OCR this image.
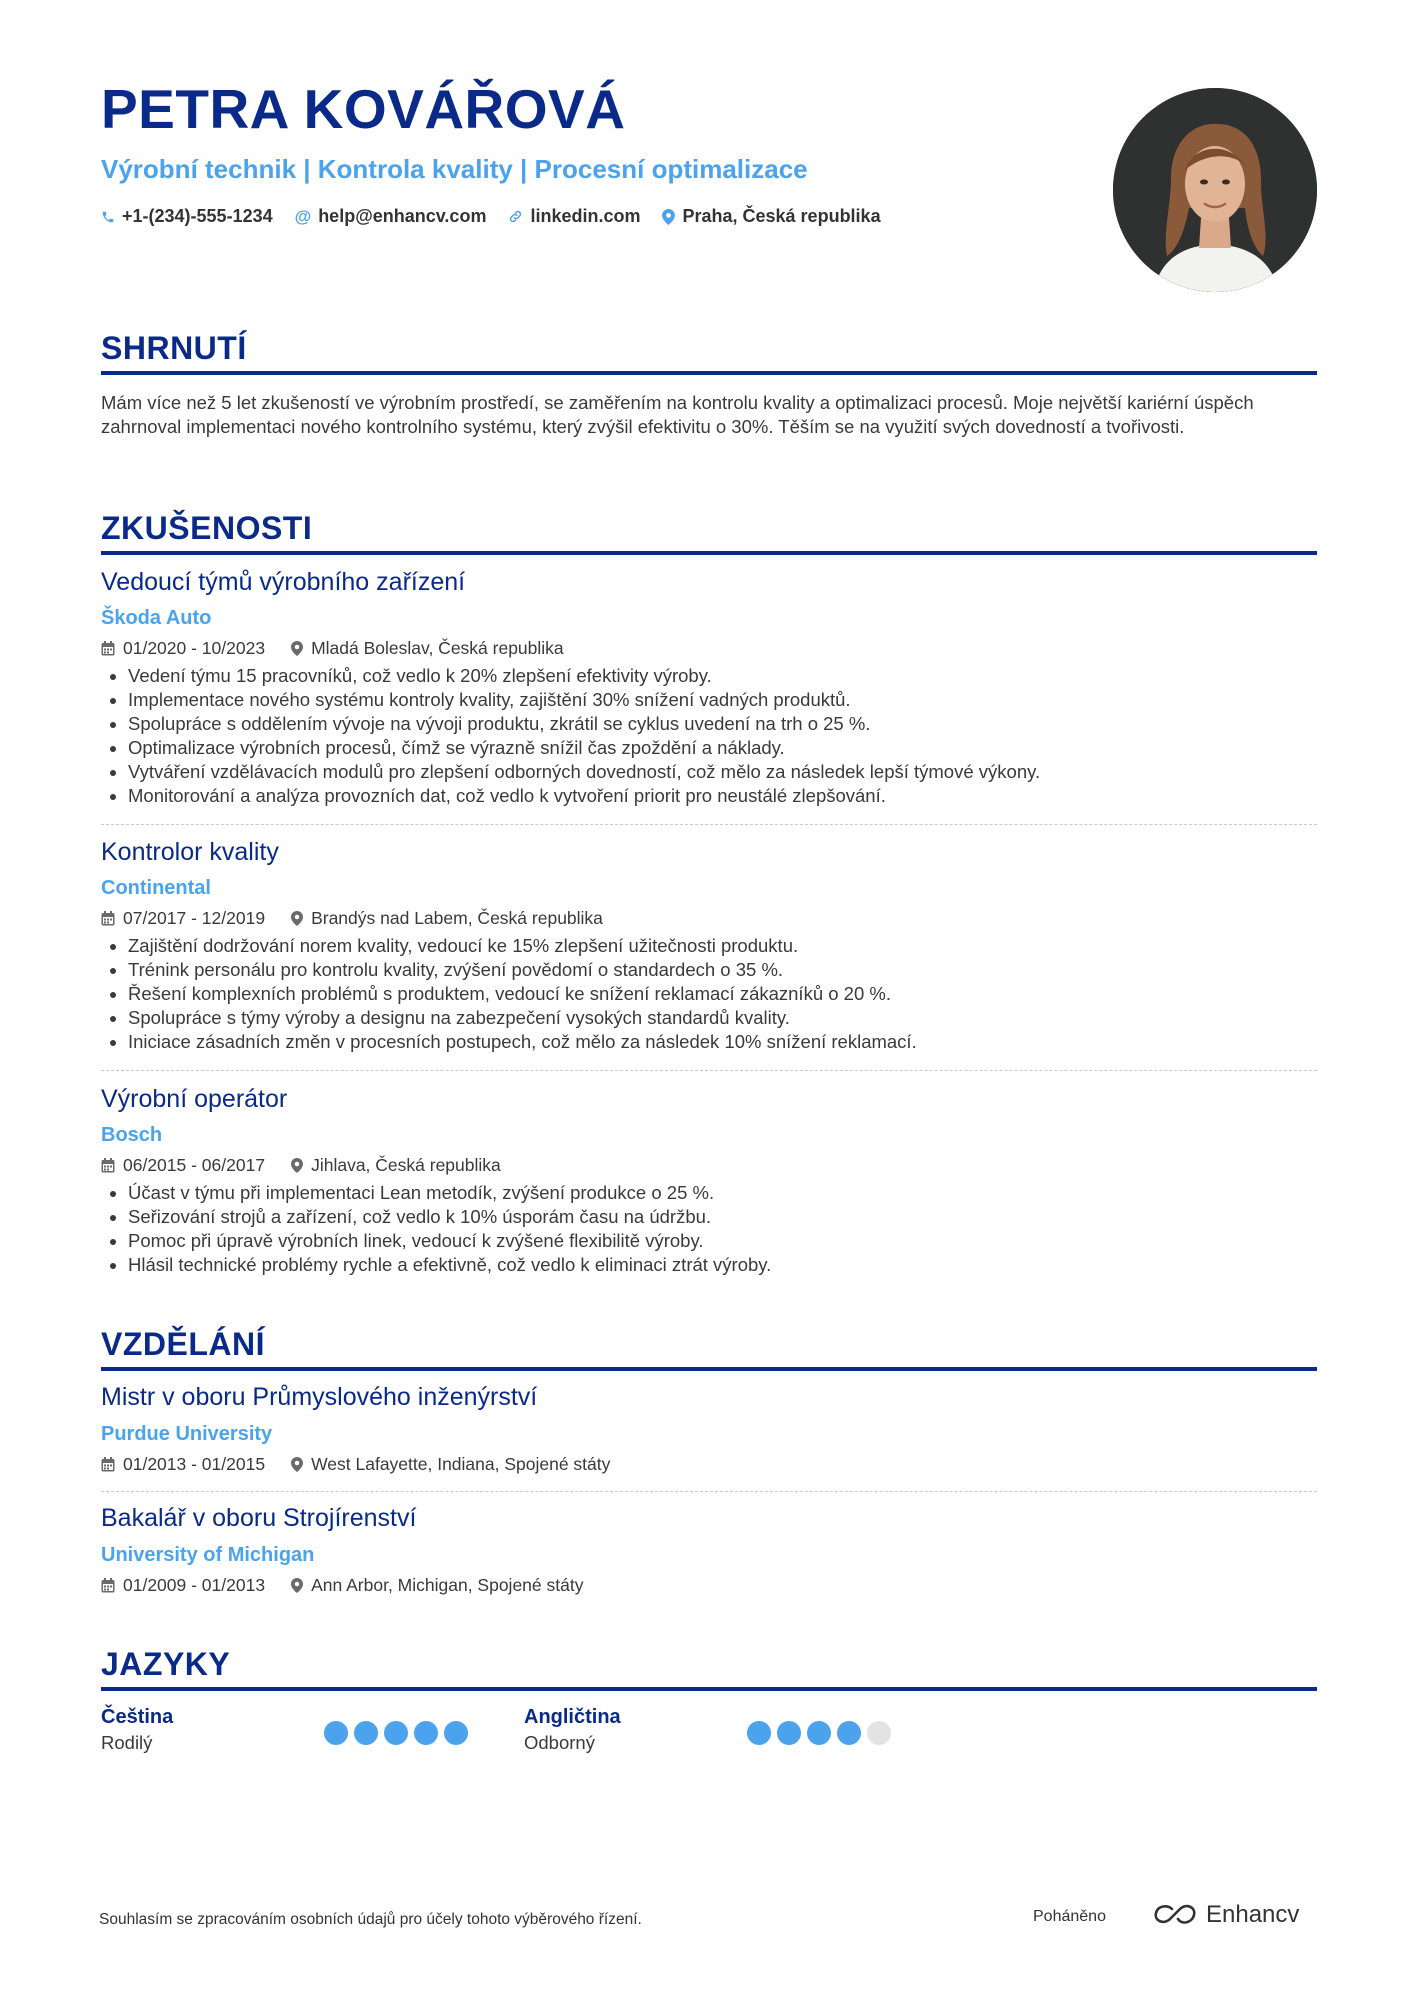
PETRA KOVÁŘOVÁ
Výrobní technik | Kontrola kvality | Procesní optimalizace
+1-(234)-555-1234 @ help@enhancv.com linkedin.com Praha, Česká republika
SHRNUTÍ
Mám více než 5 let zkušeností ve výrobním prostředí, se zaměřením na kontrolu kvality a optimalizaci procesů. Moje největší kariérní úspěch zahrnoval implementaci nového kontrolního systému, který zvýšil efektivitu o 30%. Těším se na využití svých dovedností a tvořivosti.
ZKUŠENOSTI
Vedoucí týmů výrobního zařízení
Škoda Auto
01/2020 - 10/2023	Mladá Boleslav, Česká republika
• Vedení týmu 15 pracovníků, což vedlo k 20% zlepšení efektivity výroby.
• Implementace nového systému kontroly kvality, zajištění 30% snížení vadných produktů.
• Spolupráce s oddělením vývoje na vývoji produktu, zkrátil se cyklus uvedení na trh o 25 %.
• Optimalizace výrobních procesů, čímž se výrazně snížil čas zpoždění a náklady.
• Vytváření vzdělávacích modulů pro zlepšení odborných dovedností, což mělo za následek lepší týmové výkony.
• Monitorování a analýza provozních dat, což vedlo k vytvoření priorit pro neustálé zlepšování.
Kontrolor kvality
Continental
07/2017 - 12/2019	Brandýs nad Labem, Česká republika
• Zajištění dodržování norem kvality, vedoucí ke 15% zlepšení užitečnosti produktu.
• Trénink personálu pro kontrolu kvality, zvýšení povědomí o standardech o 35 %.
• Řešení komplexních problémů s produktem, vedoucí ke snížení reklamací zákazníků o 20 %.
• Spolupráce s týmy výroby a designu na zabezpečení vysokých standardů kvality.
• Iniciace zásadních změn v procesních postupech, což mělo za následek 10% snížení reklamací.
Výrobní operátor
Bosch
06/2015 - 06/2017	Jihlava, Česká republika
• Účast v týmu při implementaci Lean metodík, zvýšení produkce o 25 %.
• Seřizování strojů a zařízení, což vedlo k 10% úsporám času na údržbu.
• Pomoc při úpravě výrobních linek, vedoucí k zvýšené flexibilitě výroby.
• Hlásil technické problémy rychle a efektivně, což vedlo k eliminaci ztrát výroby.
VZDĚLÁNÍ
Mistr v oboru Průmyslového inženýrství
Purdue University
01/2013 - 01/2015	West Lafayette, Indiana, Spojené státy
Bakalář v oboru Strojírenství
University of Michigan
01/2009 - 01/2013	Ann Arbor, Michigan, Spojené státy
JAZYKY
Čeština
Rodilý
Angličtina
Odborný
Souhlasím se zpracováním osobních údajů pro účely tohoto výběrového řízení.	Poháněno	Enhancv
